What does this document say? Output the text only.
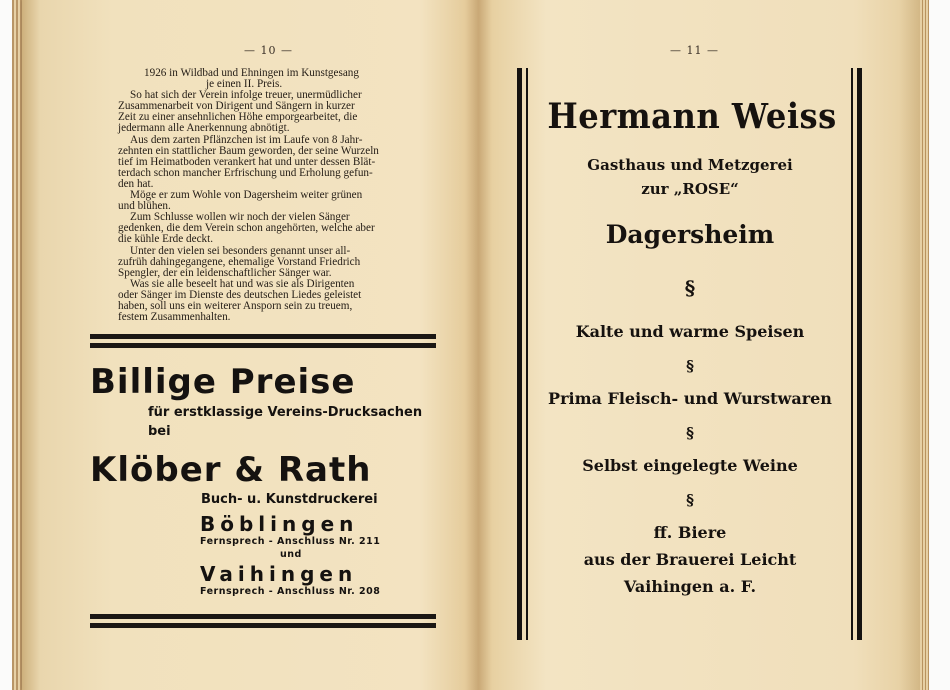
— 10 —

1926 in Wildbad und Ehningen im Kunstgesang

je einen II. Preis.

So hat sich der Verein infolge treuer, unermüdlicher

Zusammenarbeit von Dirigent und Sängern in kurzer

Zeit zu einer ansehnlichen Höhe emporgearbeitet, die

jedermann alle Anerkennung abnötigt.

Aus dem zarten Pflänzchen ist im Laufe von 8 Jahr-

zehnten ein stattlicher Baum geworden, der seine Wurzeln

tief im Heimatboden verankert hat und unter dessen Blät-

terdach schon mancher Erfrischung und Erholung gefun-

den hat.

Möge er zum Wohle von Dagersheim weiter grünen

und blühen.

Zum Schlusse wollen wir noch der vielen Sänger

gedenken, die dem Verein schon angehörten, welche aber

die kühle Erde deckt.

Unter den vielen sei besonders genannt unser all-

zufrüh dahingegangene, ehemalige Vorstand Friedrich

Spengler, der ein leidenschaftlicher Sänger war.

Was sie alle beseelt hat und was sie als Dirigenten

oder Sänger im Dienste des deutschen Liedes geleistet

haben, soll uns ein weiterer Ansporn sein zu treuem,

festem Zusammenhalten.

Billige Preise
für erstklassige Vereins-Drucksachen
bei
Klöber & Rath
Buch- u. Kunstdruckerei
Böblingen
Fernsprech - Anschluss Nr. 211
und
Vaihingen
Fernsprech - Anschluss Nr. 208
— 11 —
Hermann Weiss
Gasthaus und Metzgerei
zur „ROSE“
Dagersheim
§
Kalte und warme Speisen
§
Prima Fleisch- und Wurstwaren
§
Selbst eingelegte Weine
§
ff. Biere
aus der Brauerei Leicht
Vaihingen a. F.
